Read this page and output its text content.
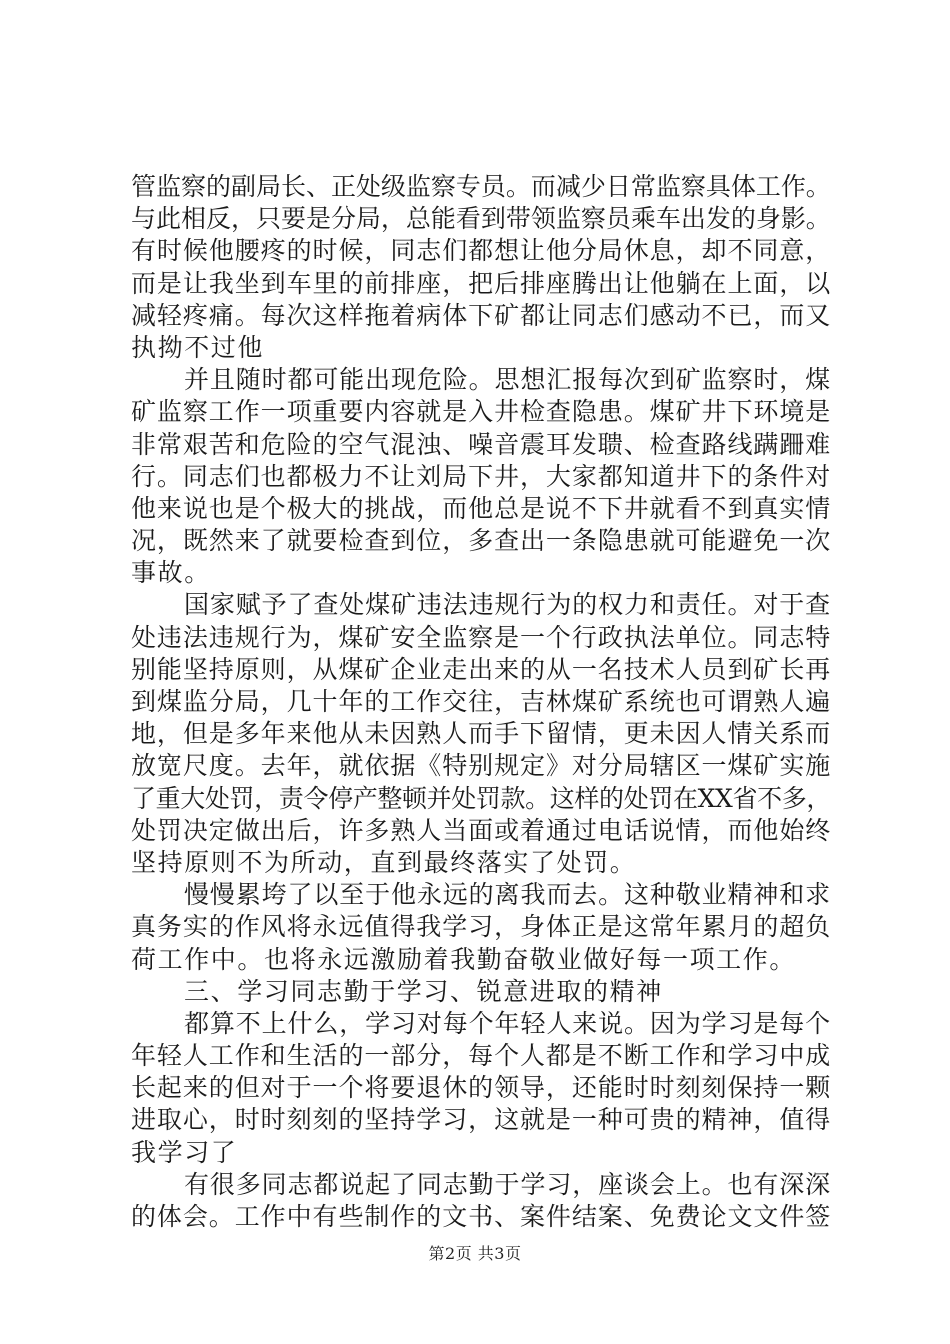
管监察的副局长、正处级监察专员。而减少日常监察具体工作。
与此相反，只要是分局，总能看到带领监察员乘车出发的身影。
有时候他腰疼的时候，同志们都想让他分局休息，却不同意，
而是让我坐到车里的前排座，把后排座腾出让他躺在上面，以
减轻疼痛。每次这样拖着病体下矿都让同志们感动不已，而又
执拗不过他
并且随时都可能出现危险。思想汇报每次到矿监察时，煤
矿监察工作一项重要内容就是入井检查隐患。煤矿井下环境是
非常艰苦和危险的空气混浊、噪音震耳发聩、检查路线蹒跚难
行。同志们也都极力不让刘局下井，大家都知道井下的条件对
他来说也是个极大的挑战，而他总是说不下井就看不到真实情
况，既然来了就要检查到位，多查出一条隐患就可能避免一次
事故。
国家赋予了查处煤矿违法违规行为的权力和责任。对于查
处违法违规行为，煤矿安全监察是一个行政执法单位。同志特
别能坚持原则，从煤矿企业走出来的从一名技术人员到矿长再
到煤监分局，几十年的工作交往，吉林煤矿系统也可谓熟人遍
地，但是多年来他从未因熟人而手下留情，更未因人情关系而
放宽尺度。去年，就依据《特别规定》对分局辖区一煤矿实施
了重大处罚，责令停产整顿并处罚款。这样的处罚在XX省不多，
处罚决定做出后，许多熟人当面或着通过电话说情，而他始终
坚持原则不为所动，直到最终落实了处罚。
慢慢累垮了以至于他永远的离我而去。这种敬业精神和求
真务实的作风将永远值得我学习，身体正是这常年累月的超负
荷工作中。也将永远激励着我勤奋敬业做好每一项工作。
三、学习同志勤于学习、锐意进取的精神
都算不上什么，学习对每个年轻人来说。因为学习是每个
年轻人工作和生活的一部分，每个人都是不断工作和学习中成
长起来的但对于一个将要退休的领导，还能时时刻刻保持一颗
进取心，时时刻刻的坚持学习，这就是一种可贵的精神，值得
我学习了
有很多同志都说起了同志勤于学习，座谈会上。也有深深
的体会。工作中有些制作的文书、案件结案、免费论文文件签
第2页 共3页
